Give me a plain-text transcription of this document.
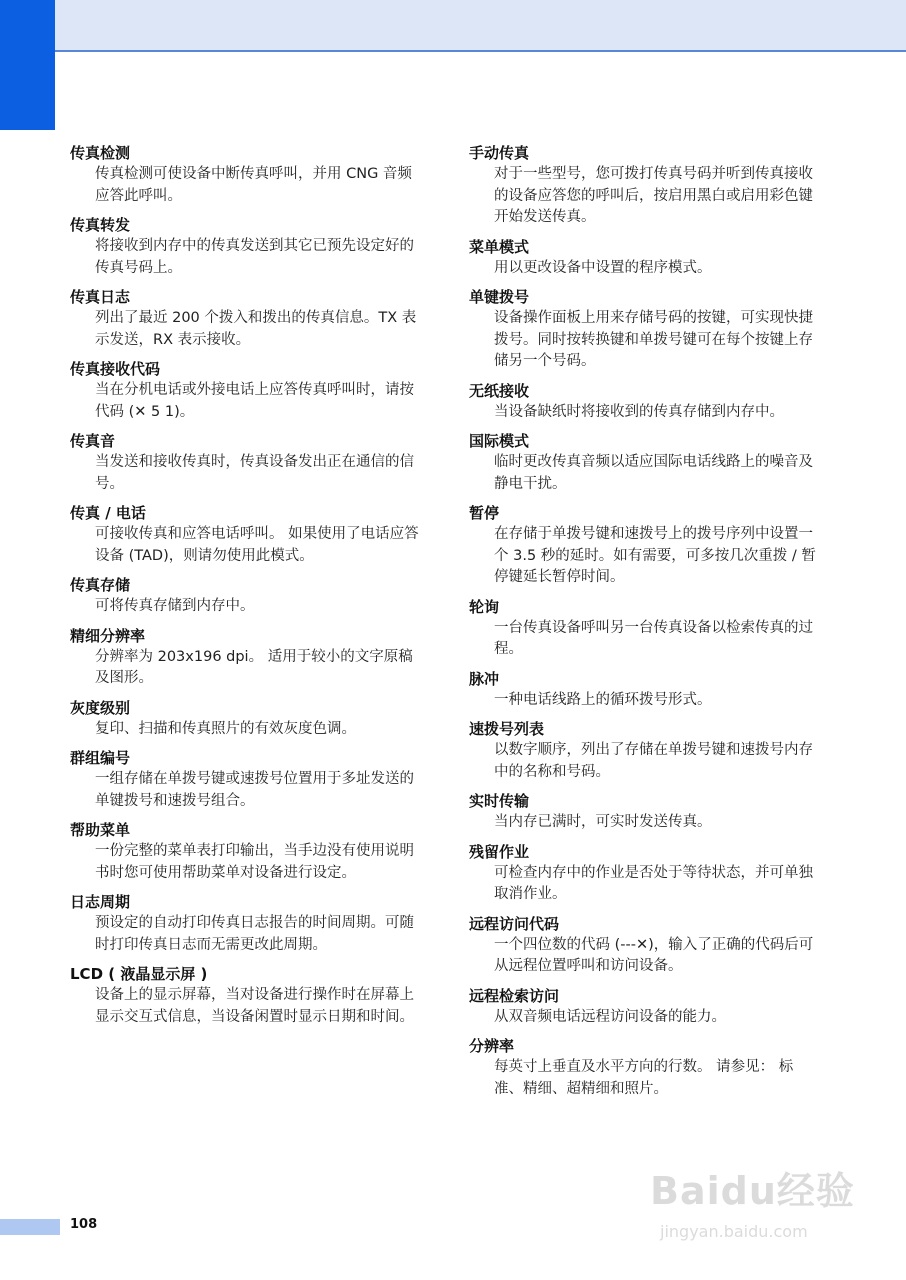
传真检测
传真检测可使设备中断传真呼叫，并用 CNG 音频应答此呼叫。
传真转发
将接收到内存中的传真发送到其它已预先设定好的传真号码上。
传真日志
列出了最近 200 个拨入和拨出的传真信息。TX 表示发送，RX 表示接收。
传真接收代码
当在分机电话或外接电话上应答传真呼叫时，请按代码 (✕ 5 1)。
传真音
当发送和接收传真时，传真设备发出正在通信的信号。
传真 / 电话
可接收传真和应答电话呼叫。 如果使用了电话应答设备 (TAD)，则请勿使用此模式。
传真存储
可将传真存储到内存中。
精细分辨率
分辨率为 203x196 dpi。 适用于较小的文字原稿及图形。
灰度级别
复印、扫描和传真照片的有效灰度色调。
群组编号
一组存储在单拨号键或速拨号位置用于多址发送的单键拨号和速拨号组合。
帮助菜单
一份完整的菜单表打印输出，当手边没有使用说明书时您可使用帮助菜单对设备进行设定。
日志周期
预设定的自动打印传真日志报告的时间周期。可随时打印传真日志而无需更改此周期。
LCD ( 液晶显示屏 )
设备上的显示屏幕，当对设备进行操作时在屏幕上显示交互式信息，当设备闲置时显示日期和时间。
手动传真
对于一些型号，您可拨打传真号码并听到传真接收的设备应答您的呼叫后，按启用黑白或启用彩色键开始发送传真。
菜单模式
用以更改设备中设置的程序模式。
单键拨号
设备操作面板上用来存储号码的按键，可实现快捷拨号。同时按转换键和单拨号键可在每个按键上存储另一个号码。
无纸接收
当设备缺纸时将接收到的传真存储到内存中。
国际模式
临时更改传真音频以适应国际电话线路上的噪音及静电干扰。
暂停
在存储于单拨号键和速拨号上的拨号序列中设置一个 3.5 秒的延时。如有需要，可多按几次重拨 / 暂停键延长暂停时间。
轮询
一台传真设备呼叫另一台传真设备以检索传真的过程。
脉冲
一种电话线路上的循环拨号形式。
速拨号列表
以数字顺序，列出了存储在单拨号键和速拨号内存中的名称和号码。
实时传输
当内存已满时，可实时发送传真。
残留作业
可检查内存中的作业是否处于等待状态，并可单独取消作业。
远程访问代码
一个四位数的代码 (---✕)，输入了正确的代码后可从远程位置呼叫和访问设备。
远程检索访问
从双音频电话远程访问设备的能力。
分辨率
每英寸上垂直及水平方向的行数。 请参见： 标准、精细、超精细和照片。
108
Baidu经验
jingyan.baidu.com
